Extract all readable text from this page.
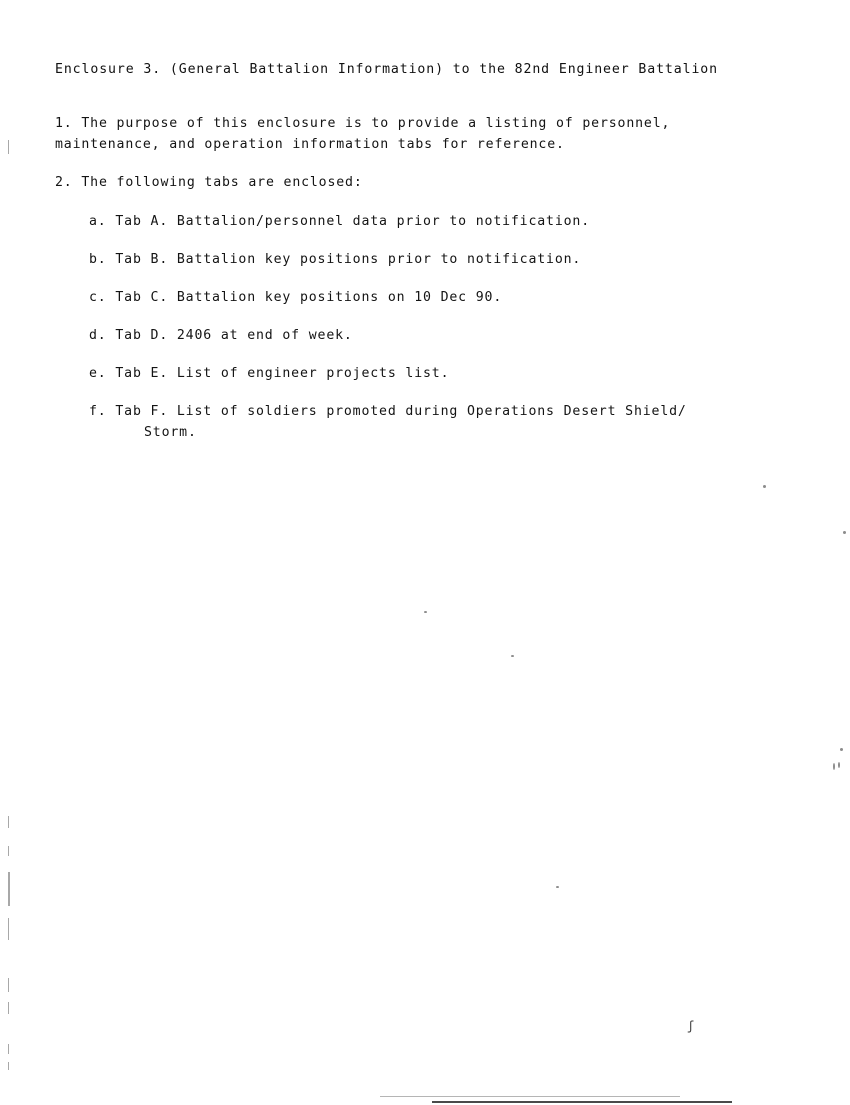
Enclosure 3. (General Battalion Information) to the 82nd Engineer Battalion
1. The purpose of this enclosure is to provide a listing of personnel,
maintenance, and operation information tabs for reference.
2. The following tabs are enclosed:
a. Tab A. Battalion/personnel data prior to notification.
b. Tab B. Battalion key positions prior to notification.
c. Tab C. Battalion key positions on 10 Dec 90.
d. Tab D. 2406 at end of week.
e. Tab E. List of engineer projects list.
f. Tab F. List of soldiers promoted during Operations Desert Shield/
Storm.
ʃ
